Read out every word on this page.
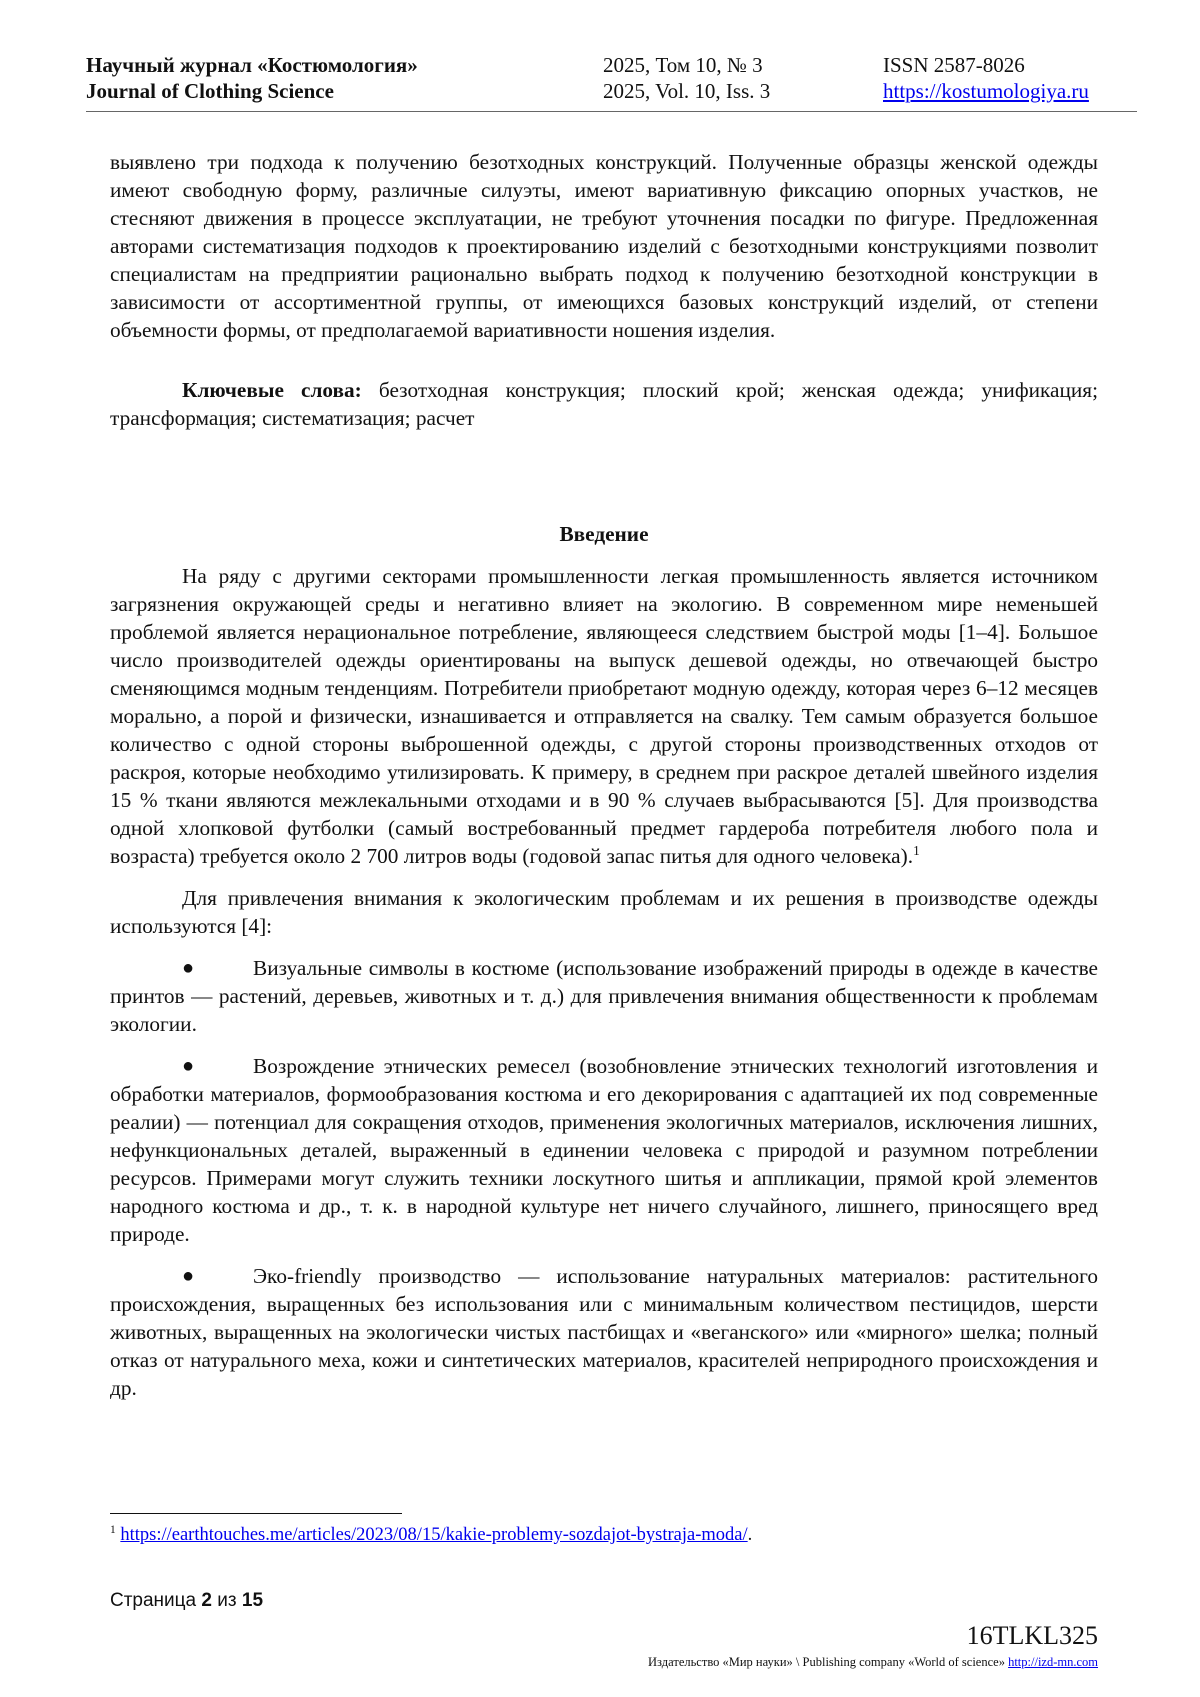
Научный журнал «Костюмология»
Journal of Clothing Science
2025, Том 10, № 3
2025, Vol. 10, Iss. 3
ISSN 2587-8026
https://kostumologiya.ru

выявлено три подхода к получению безотходных конструкций. Полученные образцы женской одежды имеют свободную форму, различные силуэты, имеют вариативную фиксацию опорных участков, не стесняют движения в процессе эксплуатации, не требуют уточнения посадки по фигуре. Предложенная авторами систематизация подходов к проектированию изделий с безотходными конструкциями позволит специалистам на предприятии рационально выбрать подход к получению безотходной конструкции в зависимости от ассортиментной группы, от имеющихся базовых конструкций изделий, от степени объемности формы, от предполагаемой вариативности ношения изделия.

Ключевые слова: безотходная конструкция; плоский крой; женская одежда; унификация; трансформация; систематизация; расчет

Введение

На ряду с другими секторами промышленности легкая промышленность является источником загрязнения окружающей среды и негативно влияет на экологию. В современном мире неменьшей проблемой является нерациональное потребление, являющееся следствием быстрой моды [1–4]. Большое число производителей одежды ориентированы на выпуск дешевой одежды, но отвечающей быстро сменяющимся модным тенденциям. Потребители приобретают модную одежду, которая через 6–12 месяцев морально, а порой и физически, изнашивается и отправляется на свалку. Тем самым образуется большое количество с одной стороны выброшенной одежды, с другой стороны производственных отходов от раскроя, которые необходимо утилизировать. К примеру, в среднем при раскрое деталей швейного изделия 15 % ткани являются межлекальными отходами и в 90 % случаев выбрасываются [5]. Для производства одной хлопковой футболки (самый востребованный предмет гардероба потребителя любого пола и возраста) требуется около 2 700 литров воды (годовой запас питья для одного человека).$^1$

Для привлечения внимания к экологическим проблемам и их решения в производстве одежды используются [4]:

●	Визуальные символы в костюме (использование изображений природы в одежде в качестве принтов — растений, деревьев, животных и т. д.) для привлечения внимания общественности к проблемам экологии.

●	Возрождение этнических ремесел (возобновление этнических технологий изготовления и обработки материалов, формообразования костюма и его декорирования с адаптацией их под современные реалии) — потенциал для сокращения отходов, применения экологичных материалов, исключения лишних, нефункциональных деталей, выраженный в единении человека с природой и разумном потреблении ресурсов. Примерами могут служить техники лоскутного шитья и аппликации, прямой крой элементов народного костюма и др., т. к. в народной культуре нет ничего случайного, лишнего, приносящего вред природе.

●	Эко-friendly производство — использование натуральных материалов: растительного происхождения, выращенных без использования или с минимальным количеством пестицидов, шерсти животных, выращенных на экологически чистых пастбищах и «веганского» или «мирного» шелка; полный отказ от натурального меха, кожи и синтетических материалов, красителей неприродного происхождения и др.

$^1$ https://earthtouches.me/articles/2023/08/15/kakie-problemy-sozdajot-bystraja-moda/.
Страница 2 из 15
16TLKL325
Издательство «Мир науки» \ Publishing company «World of science» http://izd-mn.com
